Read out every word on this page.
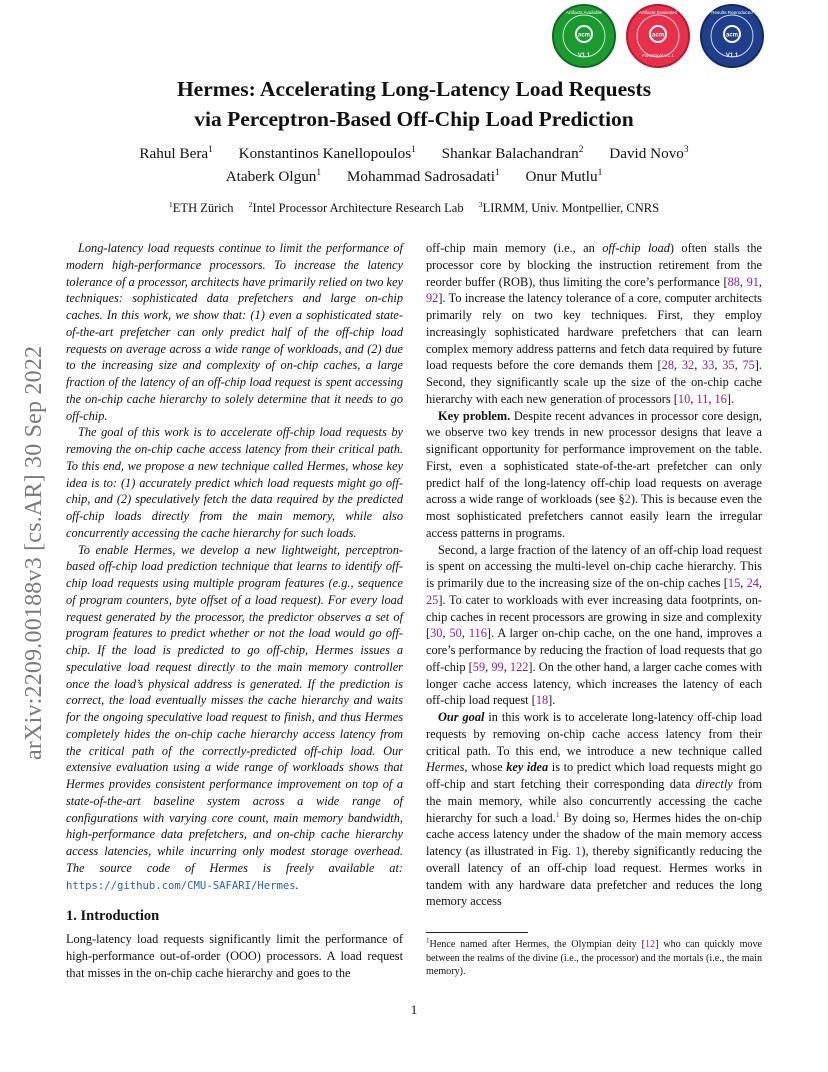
arXiv:2209.00188v3 [cs.AR] 30 Sep 2022
acm
V1.1
Artifacts Available
acm
Functional V1.1
Artifacts Evaluated
acm
V1.1
Results Reproduced
Hermes: Accelerating Long-Latency Load Requests
via Perceptron-Based Off-Chip Load Prediction
Rahul Bera$^1$ Konstantinos Kanellopoulos$^1$ Shankar Balachandran$^2$ David Novo$^3$
Ataberk Olgun$^1$ Mohammad Sadrosadati$^1$ Onur Mutlu$^1$
$^1$ETH Zürich $^2$Intel Processor Architecture Research Lab $^3$LIRMM, Univ. Montpellier, CNRS

Long-latency load requests continue to limit the performance of modern high-performance processors. To increase the latency tolerance of a processor, architects have primarily relied on two key techniques: sophisticated data prefetchers and large on-chip caches. In this work, we show that: (1) even a sophisticated state-of-the-art prefetcher can only predict half of the off-chip load requests on average across a wide range of workloads, and (2) due to the increasing size and complexity of on-chip caches, a large fraction of the latency of an off-chip load request is spent accessing the on-chip cache hierarchy to solely determine that it needs to go off-chip.

The goal of this work is to accelerate off-chip load requests by removing the on-chip cache access latency from their critical path. To this end, we propose a new technique called Hermes, whose key idea is to: (1) accurately predict which load requests might go off-chip, and (2) speculatively fetch the data required by the predicted off-chip loads directly from the main memory, while also concurrently accessing the cache hierarchy for such loads.

To enable Hermes, we develop a new lightweight, perceptron-based off-chip load prediction technique that learns to identify off-chip load requests using multiple program features (e.g., sequence of program counters, byte offset of a load request). For every load request generated by the processor, the predictor observes a set of program features to predict whether or not the load would go off-chip. If the load is predicted to go off-chip, Hermes issues a speculative load request directly to the main memory controller once the load’s physical address is generated. If the prediction is correct, the load eventually misses the cache hierarchy and waits for the ongoing speculative load request to finish, and thus Hermes completely hides the on-chip cache hierarchy access latency from the critical path of the correctly-predicted off-chip load. Our extensive evaluation using a wide range of workloads shows that Hermes provides consistent performance improvement on top of a state-of-the-art baseline system across a wide range of configurations with varying core count, main memory bandwidth, high-performance data prefetchers, and on-chip cache hierarchy access latencies, while incurring only modest storage overhead. The source code of Hermes is freely available at: https://github.com/CMU-SAFARI/Hermes.

1. Introduction

Long-latency load requests significantly limit the performance of high-performance out-of-order (OOO) processors. A load request that misses in the on-chip cache hierarchy and goes to the

off-chip main memory (i.e., an off-chip load) often stalls the processor core by blocking the instruction retirement from the reorder buffer (ROB), thus limiting the core’s performance [88, 91, 92]. To increase the latency tolerance of a core, computer architects primarily rely on two key techniques. First, they employ increasingly sophisticated hardware prefetchers that can learn complex memory address patterns and fetch data required by future load requests before the core demands them [28, 32, 33, 35, 75]. Second, they significantly scale up the size of the on-chip cache hierarchy with each new generation of processors [10, 11, 16].

Key problem. Despite recent advances in processor core design, we observe two key trends in new processor designs that leave a significant opportunity for performance improvement on the table. First, even a sophisticated state-of-the-art prefetcher can only predict half of the long-latency off-chip load requests on average across a wide range of workloads (see §2). This is because even the most sophisticated prefetchers cannot easily learn the irregular access patterns in programs.

Second, a large fraction of the latency of an off-chip load request is spent on accessing the multi-level on-chip cache hierarchy. This is primarily due to the increasing size of the on-chip caches [15, 24, 25]. To cater to workloads with ever increasing data footprints, on-chip caches in recent processors are growing in size and complexity [30, 50, 116]. A larger on-chip cache, on the one hand, improves a core’s performance by reducing the fraction of load requests that go off-chip [59, 99, 122]. On the other hand, a larger cache comes with longer cache access latency, which increases the latency of each off-chip load request [18].

Our goal in this work is to accelerate long-latency off-chip load requests by removing on-chip cache access latency from their critical path. To this end, we introduce a new technique called Hermes, whose key idea is to predict which load requests might go off-chip and start fetching their corresponding data directly from the main memory, while also concurrently accessing the cache hierarchy for such a load.$^1$ By doing so, Hermes hides the on-chip cache access latency under the shadow of the main memory access latency (as illustrated in Fig. 1), thereby significantly reducing the overall latency of an off-chip load request. Hermes works in tandem with any hardware data prefetcher and reduces the long memory access

$^1$Hence named after Hermes, the Olympian deity [12] who can quickly move between the realms of the divine (i.e., the processor) and the mortals (i.e., the main memory).
1
